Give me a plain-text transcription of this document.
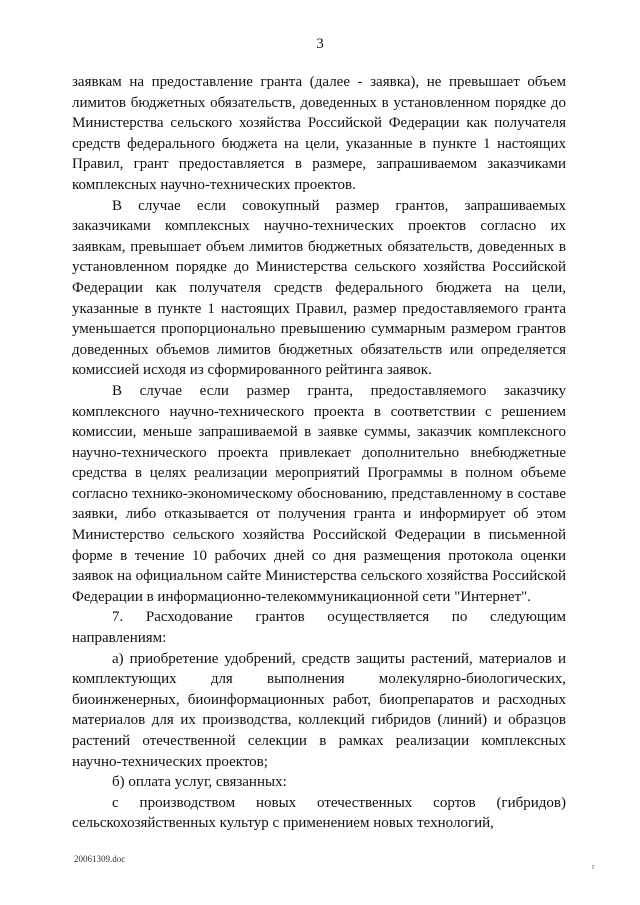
3

заявкам на предоставление гранта (далее - заявка), не превышает объем лимитов бюджетных обязательств, доведенных в установленном порядке до Министерства сельского хозяйства Российской Федерации как получателя средств федерального бюджета на цели, указанные в пункте 1 настоящих Правил, грант предоставляется в размере, запрашиваемом заказчиками комплексных научно-технических проектов.

В случае если совокупный размер грантов, запрашиваемых заказчиками комплексных научно-технических проектов согласно их заявкам, превышает объем лимитов бюджетных обязательств, доведенных в установленном порядке до Министерства сельского хозяйства Российской Федерации как получателя средств федерального бюджета на цели, указанные в пункте 1 настоящих Правил, размер предоставляемого гранта уменьшается пропорционально превышению суммарным размером грантов доведенных объемов лимитов бюджетных обязательств или определяется комиссией исходя из сформированного рейтинга заявок.

В случае если размер гранта, предоставляемого заказчику комплексного научно-технического проекта в соответствии с решением комиссии, меньше запрашиваемой в заявке суммы, заказчик комплексного научно-технического проекта привлекает дополнительно внебюджетные средства в целях реализации мероприятий Программы в полном объеме согласно технико-экономическому обоснованию, представленному в составе заявки, либо отказывается от получения гранта и информирует об этом Министерство сельского хозяйства Российской Федерации в письменной форме в течение 10 рабочих дней со дня размещения протокола оценки заявок на официальном сайте Министерства сельского хозяйства Российской Федерации в информационно-телекоммуникационной сети "Интернет".

7. Расходование грантов осуществляется по следующим направлениям:

а) приобретение удобрений, средств защиты растений, материалов и комплектующих для выполнения молекулярно-биологических, биоинженерных, биоинформационных работ, биопрепаратов и расходных материалов для их производства, коллекций гибридов (линий) и образцов растений отечественной селекции в рамках реализации комплексных научно-технических проектов;

б) оплата услуг, связанных:

с производством новых отечественных сортов (гибридов) сельскохозяйственных культур с применением новых технологий,

20061309.doc
r
